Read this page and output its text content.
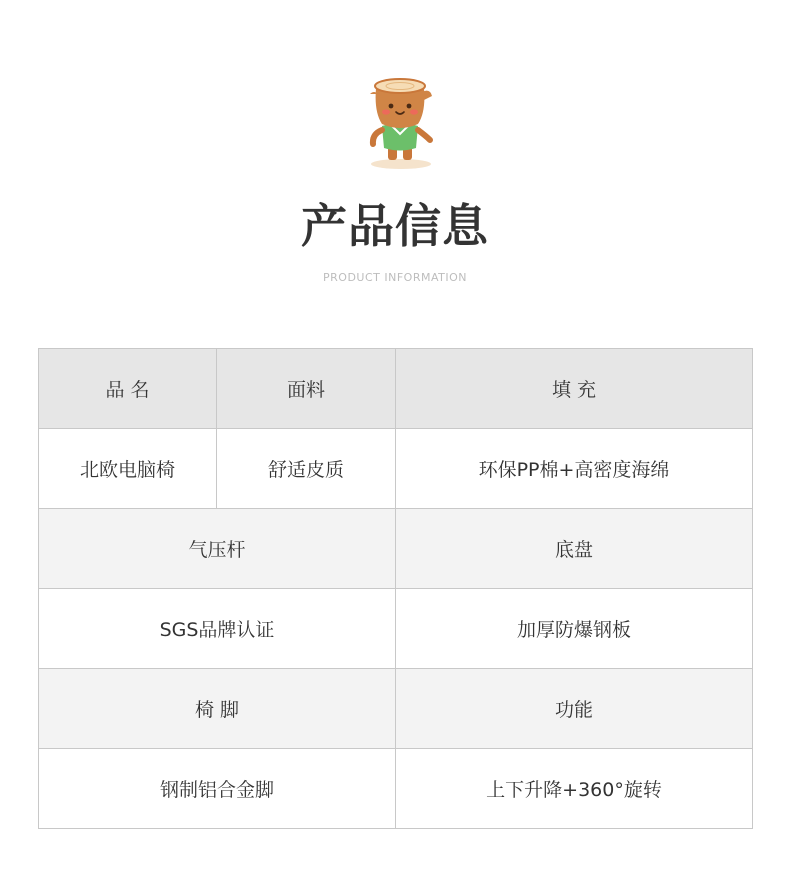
产品信息
PRODUCT INFORMATION
品 名	面料	填 充
北欧电脑椅	舒适皮质	环保PP棉+高密度海绵
气压杆		底盘
SGS品牌认证		加厚防爆钢板
椅 脚		功能
钢制铝合金脚		上下升降+360°旋转
